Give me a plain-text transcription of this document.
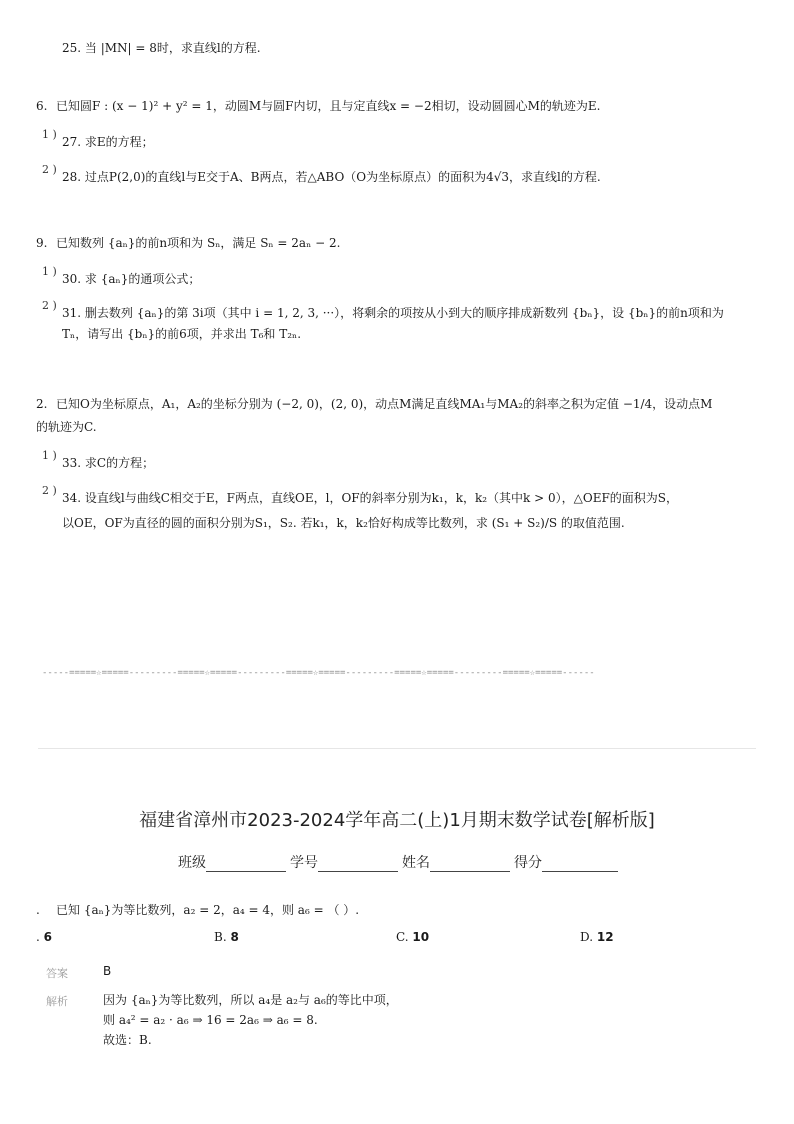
25. 当 |MN| = 8时，求直线l的方程.
6. 已知圆F : (x − 1)² + y² = 1，动圆M与圆F内切，且与定直线x = −2相切，设动圆圆心M的轨迹为E.
1 )
27. 求E的方程；
2 )
28. 过点P(2,0)的直线l与E交于A、B两点，若△ABO（O为坐标原点）的面积为4√3，求直线l的方程.
9. 已知数列 {aₙ}的前n项和为 Sₙ，满足 Sₙ = 2aₙ − 2.
1 )
30. 求 {aₙ}的通项公式；
2 )
31. 删去数列 {aₙ}的第 3i项（其中 i = 1, 2, 3, ···），将剩余的项按从小到大的顺序排成新数列 {bₙ}，设 {bₙ}的前n项和为
Tₙ，请写出 {bₙ}的前6项，并求出 T₆和 T₂ₙ.
2. 已知O为坐标原点，A₁，A₂的坐标分别为 (−2, 0)，(2, 0)，动点M满足直线MA₁与MA₂的斜率之积为定值 −1/4，设动点M
的轨迹为C.
1 )
33. 求C的方程；
2 )
34. 设直线l与曲线C相交于E，F两点，直线OE，l，OF的斜率分别为k₁，k，k₂（其中k > 0），△OEF的面积为S，
以OE，OF为直径的圆的面积分别为S₁，S₂. 若k₁，k，k₂恰好构成等比数列，求 (S₁ + S₂)/S 的取值范围.
-----=====☆=====---------=====☆=====---------=====☆=====---------=====☆=====---------=====☆=====------
福建省漳州市2023-2024学年高二(上)1月期末数学试卷[解析版]
班级	学号	姓名	得分
. 已知 {aₙ}为等比数列，a₂ = 2，a₄ = 4，则 a₆ = （ ）.
. 6	B. 8	C. 10	D. 12
答案	B
解析	因为 {aₙ}为等比数列，所以 a₄是 a₂与 a₆的等比中项，
则 a₄² = a₂ · a₆ ⇒ 16 = 2a₆ ⇒ a₆ = 8.
故选：B.
